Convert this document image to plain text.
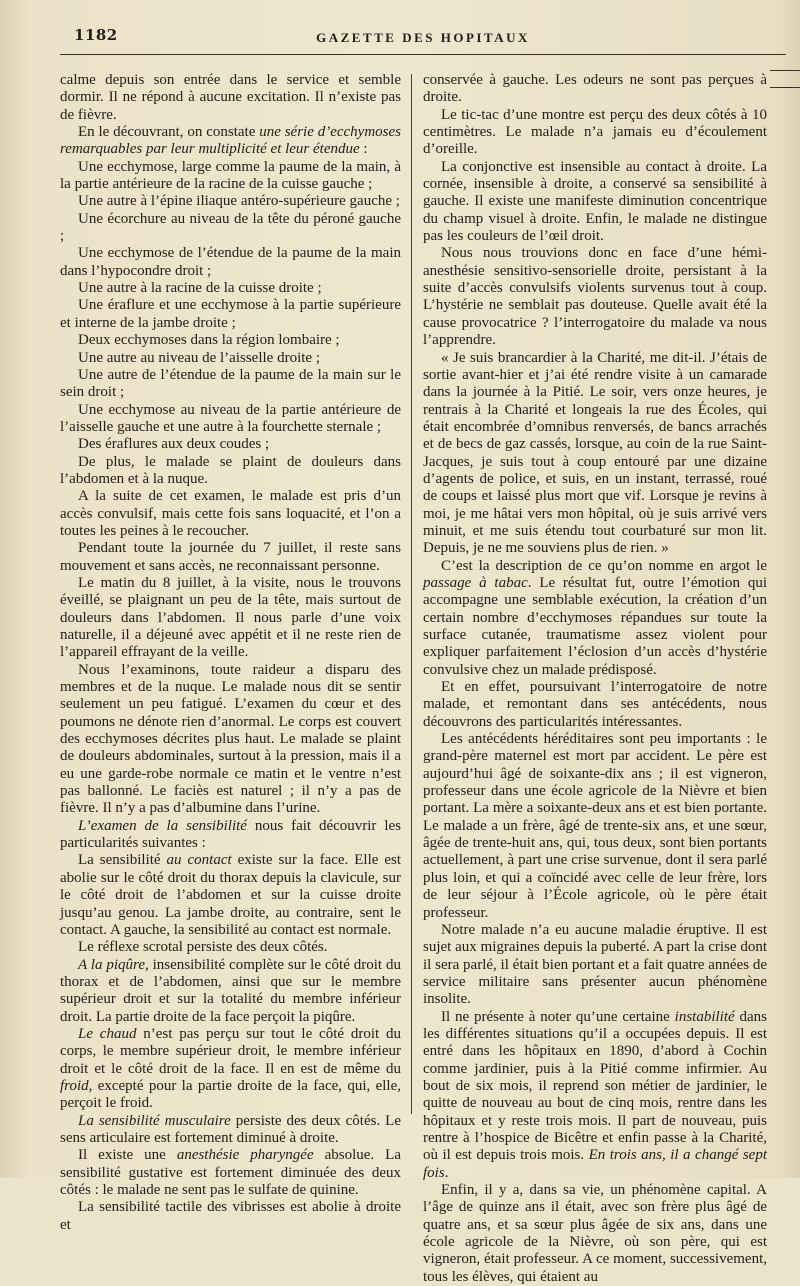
1182	GAZETTE DES HOPITAUX

calme depuis son entrée dans le service et semble dormir. Il ne répond à aucune excitation. Il n’existe pas de fièvre.

En le découvrant, on constate une série d’ecchymoses remarquables par leur multiplicité et leur étendue :

Une ecchymose, large comme la paume de la main, à la partie antérieure de la racine de la cuisse gauche ;

Une autre à l’épine iliaque antéro-supérieure gauche ;

Une écorchure au niveau de la tête du péroné gauche ;

Une ecchymose de l’étendue de la paume de la main dans l’hypocondre droit ;

Une autre à la racine de la cuisse droite ;

Une éraflure et une ecchymose à la partie supérieure et interne de la jambe droite ;

Deux ecchymoses dans la région lombaire ;

Une autre au niveau de l’aisselle droite ;

Une autre de l’étendue de la paume de la main sur le sein droit ;

Une ecchymose au niveau de la partie antérieure de l’aisselle gauche et une autre à la fourchette sternale ;

Des éraflures aux deux coudes ;

De plus, le malade se plaint de douleurs dans l’abdomen et à la nuque.

A la suite de cet examen, le malade est pris d’un accès convulsif, mais cette fois sans loquacité, et l’on a toutes les peines à le recoucher.

Pendant toute la journée du 7 juillet, il reste sans mouvement et sans accès, ne reconnaissant personne.

Le matin du 8 juillet, à la visite, nous le trouvons éveillé, se plaignant un peu de la tête, mais surtout de douleurs dans l’abdomen. Il nous parle d’une voix naturelle, il a déjeuné avec appétit et il ne reste rien de l’appareil effrayant de la veille.

Nous l’examinons, toute raideur a disparu des membres et de la nuque. Le malade nous dit se sentir seulement un peu fatigué. L’examen du cœur et des poumons ne dénote rien d’anormal. Le corps est couvert des ecchymoses décrites plus haut. Le malade se plaint de douleurs abdominales, surtout à la pression, mais il a eu une garde-robe normale ce matin et le ventre n’est pas ballonné. Le faciès est naturel ; il n’y a pas de fièvre. Il n’y a pas d’albumine dans l’urine.

L’examen de la sensibilité nous fait découvrir les particularités suivantes :

La sensibilité au contact existe sur la face. Elle est abolie sur le côté droit du thorax depuis la clavicule, sur le côté droit de l’abdomen et sur la cuisse droite jusqu’au genou. La jambe droite, au contraire, sent le contact. A gauche, la sensibilité au contact est normale.

Le réflexe scrotal persiste des deux côtés.

A la piqûre, insensibilité complète sur le côté droit du thorax et de l’abdomen, ainsi que sur le membre supérieur droit et sur la totalité du membre inférieur droit. La partie droite de la face perçoit la piqûre.

Le chaud n’est pas perçu sur tout le côté droit du corps, le membre supérieur droit, le membre inférieur droit et le côté droit de la face. Il en est de même du froid, excepté pour la partie droite de la face, qui, elle, perçoit le froid.

La sensibilité musculaire persiste des deux côtés. Le sens articulaire est fortement diminué à droite.

Il existe une anesthésie pharyngée absolue. La sensibilité gustative est fortement diminuée des deux côtés : le malade ne sent pas le sulfate de quinine.

La sensibilité tactile des vibrisses est abolie à droite et

conservée à gauche. Les odeurs ne sont pas perçues à droite.

Le tic-tac d’une montre est perçu des deux côtés à 10 centimètres. Le malade n’a jamais eu d’écoulement d’oreille.

La conjonctive est insensible au contact à droite. La cornée, insensible à droite, a conservé sa sensibilité à gauche. Il existe une manifeste diminution concentrique du champ visuel à droite. Enfin, le malade ne distingue pas les couleurs de l’œil droit.

Nous nous trouvions donc en face d’une hémi-anesthésie sensitivo-sensorielle droite, persistant à la suite d’accès convulsifs violents survenus tout à coup. L’hystérie ne semblait pas douteuse. Quelle avait été la cause provocatrice ? l’interrogatoire du malade va nous l’apprendre.

« Je suis brancardier à la Charité, me dit-il. J’étais de sortie avant-hier et j’ai été rendre visite à un camarade dans la journée à la Pitié. Le soir, vers onze heures, je rentrais à la Charité et longeais la rue des Écoles, qui était encombrée d’omnibus renversés, de bancs arrachés et de becs de gaz cassés, lorsque, au coin de la rue Saint-Jacques, je suis tout à coup entouré par une dizaine d’agents de police, et suis, en un instant, terrassé, roué de coups et laissé plus mort que vif. Lorsque je revins à moi, je me hâtai vers mon hôpital, où je suis arrivé vers minuit, et me suis étendu tout courbaturé sur mon lit. Depuis, je ne me souviens plus de rien. »

C’est la description de ce qu’on nomme en argot le passage à tabac. Le résultat fut, outre l’émotion qui accompagne une semblable exécution, la création d’un certain nombre d’ecchymoses répandues sur toute la surface cutanée, traumatisme assez violent pour expliquer parfaitement l’éclosion d’un accès d’hystérie convulsive chez un malade prédisposé.

Et en effet, poursuivant l’interrogatoire de notre malade, et remontant dans ses antécédents, nous découvrons des particularités intéressantes.

Les antécédents héréditaires sont peu importants : le grand-père maternel est mort par accident. Le père est aujourd’hui âgé de soixante-dix ans ; il est vigneron, professeur dans une école agricole de la Nièvre et bien portant. La mère a soixante-deux ans et est bien portante. Le malade a un frère, âgé de trente-six ans, et une sœur, âgée de trente-huit ans, qui, tous deux, sont bien portants actuellement, à part une crise survenue, dont il sera parlé plus loin, et qui a coïncidé avec celle de leur frère, lors de leur séjour à l’École agricole, où le père était professeur.

Notre malade n’a eu aucune maladie éruptive. Il est sujet aux migraines depuis la puberté. A part la crise dont il sera parlé, il était bien portant et a fait quatre années de service militaire sans présenter aucun phénomène insolite.

Il ne présente à noter qu’une certaine instabilité dans les différentes situations qu’il a occupées depuis. Il est entré dans les hôpitaux en 1890, d’abord à Cochin comme jardinier, puis à la Pitié comme infirmier. Au bout de six mois, il reprend son métier de jardinier, le quitte de nouveau au bout de cinq mois, rentre dans les hôpitaux et y reste trois mois. Il part de nouveau, puis rentre à l’hospice de Bicêtre et enfin passe à la Charité, où il est depuis trois mois. En trois ans, il a changé sept fois.

Enfin, il y a, dans sa vie, un phénomène capital. A l’âge de quinze ans il était, avec son frère plus âgé de quatre ans, et sa sœur plus âgée de six ans, dans une école agricole de la Nièvre, où son père, qui est vigneron, était professeur. A ce moment, successivement, tous les élèves, qui étaient au
